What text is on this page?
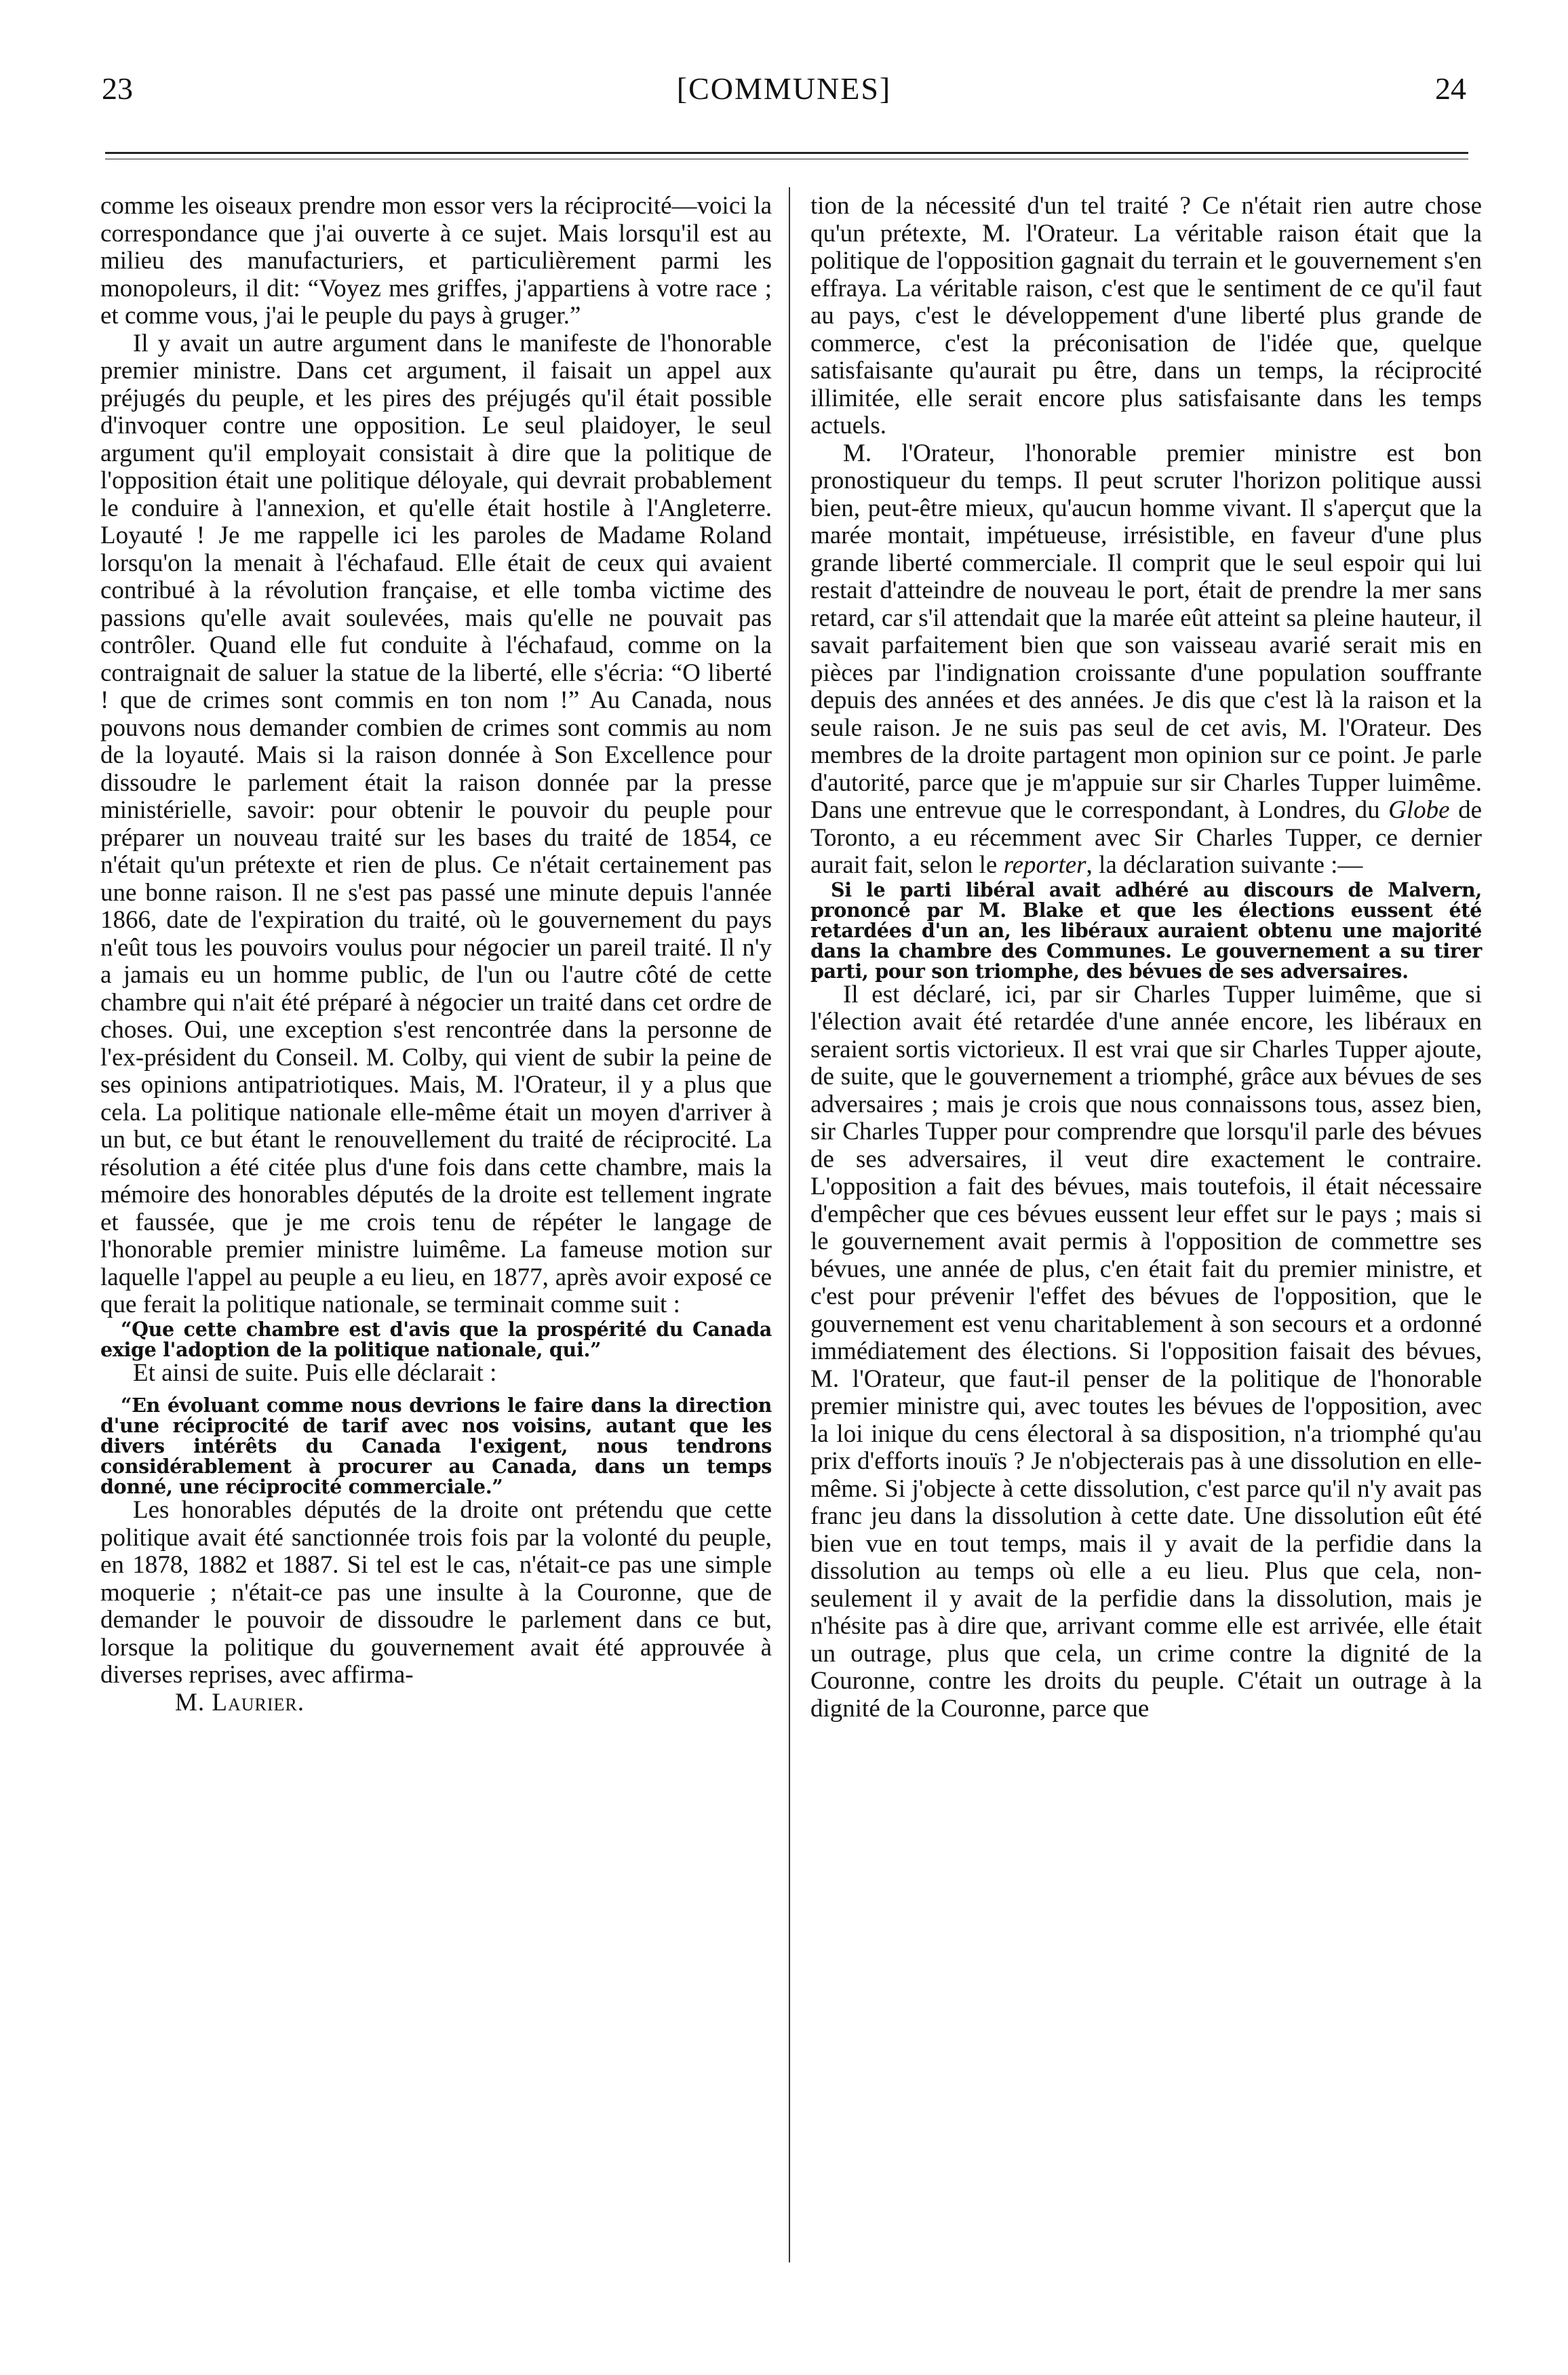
23	[COMMUNES]	24

comme les oiseaux prendre mon essor vers la réciprocité—voici la correspondance que j'ai ouverte à ce sujet. Mais lorsqu'il est au milieu des manufacturiers, et particulièrement parmi les monopoleurs, il dit: “Voyez mes griffes, j'appartiens à votre race ; et comme vous, j'ai le peuple du pays à gruger.”

Il y avait un autre argument dans le manifeste de l'honorable premier ministre. Dans cet argument, il faisait un appel aux préjugés du peuple, et les pires des préjugés qu'il était possible d'invoquer contre une opposition. Le seul plaidoyer, le seul argument qu'il employait consistait à dire que la politique de l'opposition était une politique déloyale, qui devrait probablement le conduire à l'annexion, et qu'elle était hostile à l'Angleterre. Loyauté ! Je me rappelle ici les paroles de Madame Roland lorsqu'on la menait à l'échafaud. Elle était de ceux qui avaient contribué à la révolution française, et elle tomba victime des passions qu'elle avait soulevées, mais qu'elle ne pouvait pas contrôler. Quand elle fut conduite à l'échafaud, comme on la contraignait de saluer la statue de la liberté, elle s'écria: “O liberté ! que de crimes sont commis en ton nom !” Au Canada, nous pouvons nous demander combien de crimes sont commis au nom de la loyauté. Mais si la raison donnée à Son Excellence pour dissoudre le parlement était la raison donnée par la presse ministérielle, savoir: pour obtenir le pouvoir du peuple pour préparer un nouveau traité sur les bases du traité de 1854, ce n'était qu'un prétexte et rien de plus. Ce n'était certainement pas une bonne raison. Il ne s'est pas passé une minute depuis l'année 1866, date de l'expiration du traité, où le gouvernement du pays n'eût tous les pouvoirs voulus pour négocier un pareil traité. Il n'y a jamais eu un homme public, de l'un ou l'autre côté de cette chambre qui n'ait été préparé à négocier un traité dans cet ordre de choses. Oui, une exception s'est rencontrée dans la personne de l'ex-président du Conseil. M. Colby, qui vient de subir la peine de ses opinions antipatriotiques. Mais, M. l'Orateur, il y a plus que cela. La politique nationale elle-même était un moyen d'arriver à un but, ce but étant le renouvellement du traité de réciprocité. La résolution a été citée plus d'une fois dans cette chambre, mais la mémoire des honorables députés de la droite est tellement ingrate et faussée, que je me crois tenu de répéter le langage de l'honorable premier ministre luimême. La fameuse motion sur laquelle l'appel au peuple a eu lieu, en 1877, après avoir exposé ce que ferait la politique nationale, se terminait comme suit :

“Que cette chambre est d'avis que la prospérité du Canada exige l'adoption de la politique nationale, qui.”

Et ainsi de suite. Puis elle déclarait :

“En évoluant comme nous devrions le faire dans la direction d'une réciprocité de tarif avec nos voisins, autant que les divers intérêts du Canada l'exigent, nous tendrons considérablement à procurer au Canada, dans un temps donné, une réciprocité commerciale.”

Les honorables députés de la droite ont prétendu que cette politique avait été sanctionnée trois fois par la volonté du peuple, en 1878, 1882 et 1887. Si tel est le cas, n'était-ce pas une simple moquerie ; n'était-ce pas une insulte à la Couronne, que de demander le pouvoir de dissoudre le parlement dans ce but, lorsque la politique du gouvernement avait été approuvée à diverses reprises, avec affirma-

M. Laurier.

tion de la nécessité d'un tel traité ? Ce n'était rien autre chose qu'un prétexte, M. l'Orateur. La véritable raison était que la politique de l'opposition gagnait du terrain et le gouvernement s'en effraya. La véritable raison, c'est que le sentiment de ce qu'il faut au pays, c'est le développement d'une liberté plus grande de commerce, c'est la préconisation de l'idée que, quelque satisfaisante qu'aurait pu être, dans un temps, la réciprocité illimitée, elle serait encore plus satisfaisante dans les temps actuels.

M. l'Orateur, l'honorable premier ministre est bon pronostiqueur du temps. Il peut scruter l'horizon politique aussi bien, peut-être mieux, qu'aucun homme vivant. Il s'aperçut que la marée montait, impétueuse, irrésistible, en faveur d'une plus grande liberté commerciale. Il comprit que le seul espoir qui lui restait d'atteindre de nouveau le port, était de prendre la mer sans retard, car s'il attendait que la marée eût atteint sa pleine hauteur, il savait parfaitement bien que son vaisseau avarié serait mis en pièces par l'indignation croissante d'une population souffrante depuis des années et des années. Je dis que c'est là la raison et la seule raison. Je ne suis pas seul de cet avis, M. l'Orateur. Des membres de la droite partagent mon opinion sur ce point. Je parle d'autorité, parce que je m'appuie sur sir Charles Tupper luimême. Dans une entrevue que le correspondant, à Londres, du Globe de Toronto, a eu récemment avec Sir Charles Tupper, ce dernier aurait fait, selon le reporter, la déclaration suivante :—

Si le parti libéral avait adhéré au discours de Malvern, prononcé par M. Blake et que les élections eussent été retardées d'un an, les libéraux auraient obtenu une majorité dans la chambre des Communes. Le gouvernement a su tirer parti, pour son triomphe, des bévues de ses adversaires.

Il est déclaré, ici, par sir Charles Tupper luimême, que si l'élection avait été retardée d'une année encore, les libéraux en seraient sortis victorieux. Il est vrai que sir Charles Tupper ajoute, de suite, que le gouvernement a triomphé, grâce aux bévues de ses adversaires ; mais je crois que nous connaissons tous, assez bien, sir Charles Tupper pour comprendre que lorsqu'il parle des bévues de ses adversaires, il veut dire exactement le contraire. L'opposition a fait des bévues, mais toutefois, il était nécessaire d'empêcher que ces bévues eussent leur effet sur le pays ; mais si le gouvernement avait permis à l'opposition de commettre ses bévues, une année de plus, c'en était fait du premier ministre, et c'est pour prévenir l'effet des bévues de l'opposition, que le gouvernement est venu charitablement à son secours et a ordonné immédiatement des élections. Si l'opposition faisait des bévues, M. l'Orateur, que faut-il penser de la politique de l'honorable premier ministre qui, avec toutes les bévues de l'opposition, avec la loi inique du cens électoral à sa disposition, n'a triomphé qu'au prix d'efforts inouïs ? Je n'objecterais pas à une dissolution en elle-même. Si j'objecte à cette dissolution, c'est parce qu'il n'y avait pas franc jeu dans la dissolution à cette date. Une dissolution eût été bien vue en tout temps, mais il y avait de la perfidie dans la dissolution au temps où elle a eu lieu. Plus que cela, non-seulement il y avait de la perfidie dans la dissolution, mais je n'hésite pas à dire que, arrivant comme elle est arrivée, elle était un outrage, plus que cela, un crime contre la dignité de la Couronne, contre les droits du peuple. C'était un outrage à la dignité de la Couronne, parce que
